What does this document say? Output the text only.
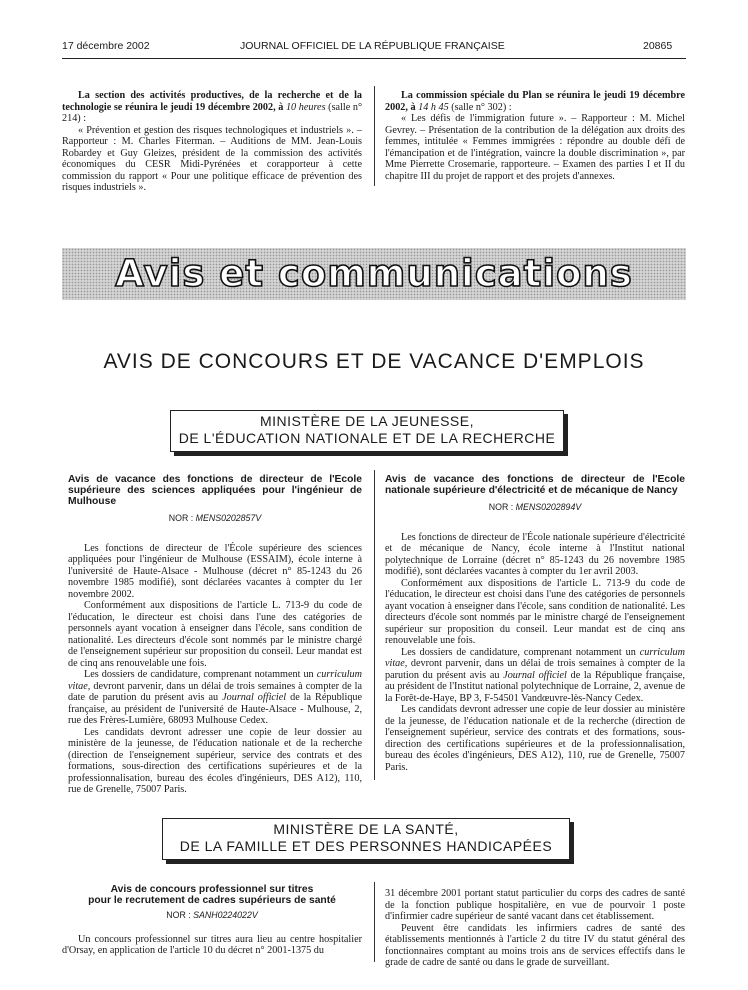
17 décembre 2002	JOURNAL OFFICIEL DE LA RÉPUBLIQUE FRANÇAISE	20865

La section des activités productives, de la recherche et de la technologie se réunira le jeudi 19 décembre 2002, à 10 heures (salle n° 214) :

« Prévention et gestion des risques technologiques et industriels ». – Rapporteur : M. Charles Fiterman. – Auditions de MM. Jean-Louis Robardey et Guy Gleizes, président de la commission des activités économiques du CESR Midi-Pyrénées et corapporteur à cette commission du rapport « Pour une politique efficace de prévention des risques industriels ».

La commission spéciale du Plan se réunira le jeudi 19 décembre 2002, à 14 h 45 (salle n° 302) :

« Les défis de l'immigration future ». – Rapporteur : M. Michel Gevrey. – Présentation de la contribution de la délégation aux droits des femmes, intitulée « Femmes immigrées : répondre au double défi de l'émancipation et de l'intégration, vaincre la double discrimination », par Mme Pierrette Crosemarie, rapporteure. – Examen des parties I et II du chapitre III du projet de rapport et des projets d'annexes.

Avis et communications
AVIS DE CONCOURS ET DE VACANCE D'EMPLOIS
MINISTÈRE DE LA JEUNESSE,
DE L'ÉDUCATION NATIONALE ET DE LA RECHERCHE

Avis de vacance des fonctions de directeur de l'Ecole supérieure des sciences appliquées pour l'ingénieur de Mulhouse

NOR : MENS0202857V

Les fonctions de directeur de l'École supérieure des sciences appliquées pour l'ingénieur de Mulhouse (ESSAIM), école interne à l'université de Haute-Alsace - Mulhouse (décret n° 85-1243 du 26 novembre 1985 modifié), sont déclarées vacantes à compter du 1er novembre 2002.

Conformément aux dispositions de l'article L. 713-9 du code de l'éducation, le directeur est choisi dans l'une des catégories de personnels ayant vocation à enseigner dans l'école, sans condition de nationalité. Les directeurs d'école sont nommés par le ministre chargé de l'enseignement supérieur sur proposition du conseil. Leur mandat est de cinq ans renouvelable une fois.

Les dossiers de candidature, comprenant notamment un curriculum vitae, devront parvenir, dans un délai de trois semaines à compter de la date de parution du présent avis au Journal officiel de la République française, au président de l'université de Haute-Alsace - Mulhouse, 2, rue des Frères-Lumière, 68093 Mulhouse Cedex.

Les candidats devront adresser une copie de leur dossier au ministère de la jeunesse, de l'éducation nationale et de la recherche (direction de l'enseignement supérieur, service des contrats et des formations, sous-direction des certifications supérieures et de la professionnalisation, bureau des écoles d'ingénieurs, DES A12), 110, rue de Grenelle, 75007 Paris.

Avis de vacance des fonctions de directeur de l'Ecole nationale supérieure d'électricité et de mécanique de Nancy

NOR : MENS0202894V

Les fonctions de directeur de l'École nationale supérieure d'électricité et de mécanique de Nancy, école interne à l'Institut national polytechnique de Lorraine (décret n° 85-1243 du 26 novembre 1985 modifié), sont déclarées vacantes à compter du 1er avril 2003.

Conformément aux dispositions de l'article L. 713-9 du code de l'éducation, le directeur est choisi dans l'une des catégories de personnels ayant vocation à enseigner dans l'école, sans condition de nationalité. Les directeurs d'école sont nommés par le ministre chargé de l'enseignement supérieur sur proposition du conseil. Leur mandat est de cinq ans renouvelable une fois.

Les dossiers de candidature, comprenant notamment un curriculum vitae, devront parvenir, dans un délai de trois semaines à compter de la parution du présent avis au Journal officiel de la République française, au président de l'Institut national polytechnique de Lorraine, 2, avenue de la Forêt-de-Haye, BP 3, F-54501 Vandœuvre-lès-Nancy Cedex.

Les candidats devront adresser une copie de leur dossier au ministère de la jeunesse, de l'éducation nationale et de la recherche (direction de l'enseignement supérieur, service des contrats et des formations, sous-direction des certifications supérieures et de la professionnalisation, bureau des écoles d'ingénieurs, DES A12), 110, rue de Grenelle, 75007 Paris.

MINISTÈRE DE LA SANTÉ,
DE LA FAMILLE ET DES PERSONNES HANDICAPÉES
Avis de concours professionnel sur titres
pour le recrutement de cadres supérieurs de santé
NOR : SANH0224022V

Un concours professionnel sur titres aura lieu au centre hospitalier d'Orsay, en application de l'article 10 du décret n° 2001-1375 du

31 décembre 2001 portant statut particulier du corps des cadres de santé de la fonction publique hospitalière, en vue de pourvoir 1 poste d'infirmier cadre supérieur de santé vacant dans cet établissement.

Peuvent être candidats les infirmiers cadres de santé des établissements mentionnés à l'article 2 du titre IV du statut général des fonctionnaires comptant au moins trois ans de services effectifs dans le grade de cadre de santé ou dans le grade de surveillant.
